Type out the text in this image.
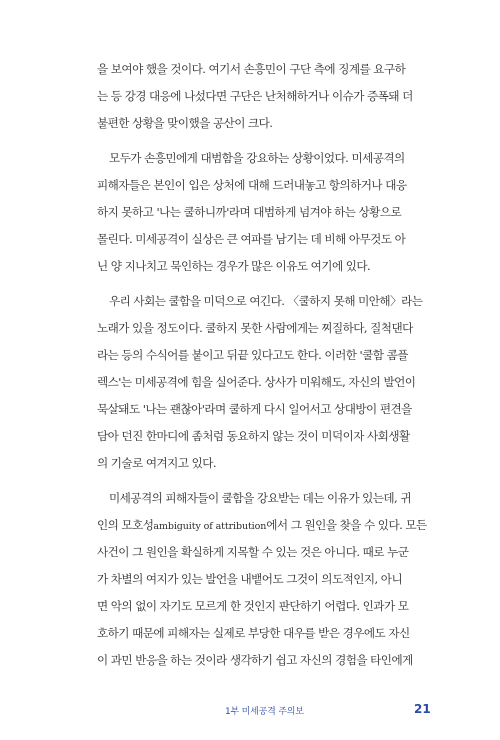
을 보여야 했을 것이다. 여기서 손흥민이 구단 측에 징계를 요구하
는 등 강경 대응에 나섰다면 구단은 난처해하거나 이슈가 증폭돼 더
불편한 상황을 맞이했을 공산이 크다.
모두가 손흥민에게 대범함을 강요하는 상황이었다. 미세공격의
피해자들은 본인이 입은 상처에 대해 드러내놓고 항의하거나 대응
하지 못하고 '나는 쿨하니까'라며 대범하게 넘겨야 하는 상황으로
몰린다. 미세공격이 실상은 큰 여파를 남기는 데 비해 아무것도 아
닌 양 지나치고 묵인하는 경우가 많은 이유도 여기에 있다.
우리 사회는 쿨함을 미덕으로 여긴다. 〈쿨하지 못해 미안해〉라는
노래가 있을 정도이다. 쿨하지 못한 사람에게는 찌질하다, 질척댄다
라는 등의 수식어를 붙이고 뒤끝 있다고도 한다. 이러한 '쿨함 콤플
렉스'는 미세공격에 힘을 실어준다. 상사가 미워해도, 자신의 발언이
묵살돼도 '나는 괜찮아'라며 쿨하게 다시 일어서고 상대방이 편견을
담아 던진 한마디에 좀처럼 동요하지 않는 것이 미덕이자 사회생활
의 기술로 여겨지고 있다.
미세공격의 피해자들이 쿨함을 강요받는 데는 이유가 있는데, 귀
인의 모호성ambiguity of attribution에서 그 원인을 찾을 수 있다. 모든
사건이 그 원인을 확실하게 지목할 수 있는 것은 아니다. 때로 누군
가 차별의 여지가 있는 발언을 내뱉어도 그것이 의도적인지, 아니
면 악의 없이 자기도 모르게 한 것인지 판단하기 어렵다. 인과가 모
호하기 때문에 피해자는 실제로 부당한 대우를 받은 경우에도 자신
이 과민 반응을 하는 것이라 생각하기 쉽고 자신의 경험을 타인에게
1부 미세공격 주의보	21
